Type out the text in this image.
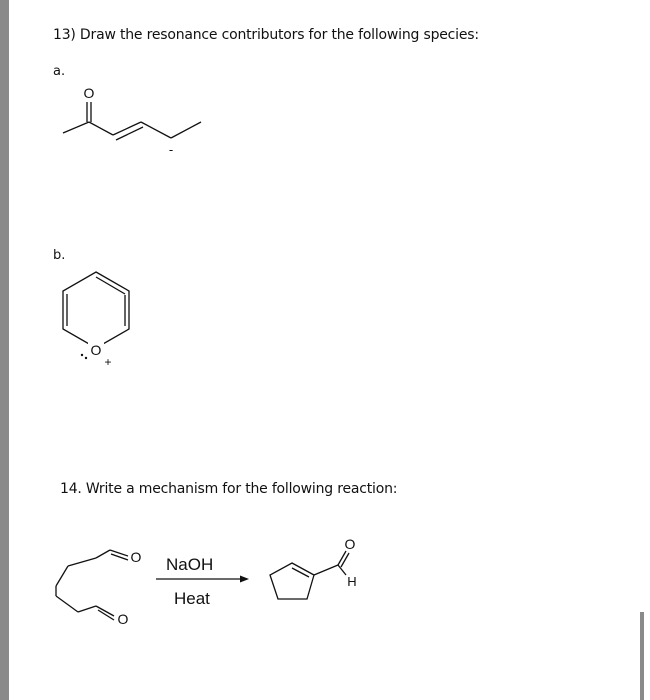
13) Draw the resonance contributors for the following species:
a.
O
-
b.
O
+
14. Write a mechanism for the following reaction:
O
O
NaOH
Heat
O
H
